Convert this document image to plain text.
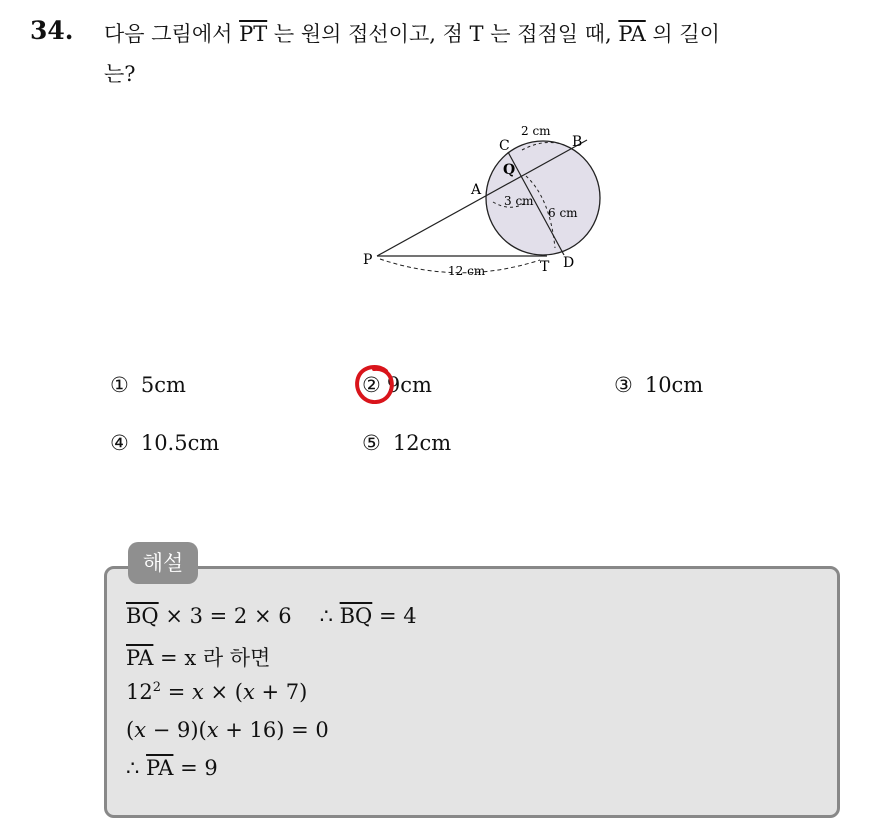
34. 다음 그림에서 $\overline{PT}$ 는 원의 접선이고, 점 T 는 접점일 때, $\overline{PA}$ 의 길이
는?
P
A
B
C
Q
D
T
2 cm
3 cm
6 cm
12 cm
① 5cm	② 9cm	③ 10cm
④ 10.5cm	⑤ 12cm
해설
$\overline{BQ} \times 3 = 2 \times 6$ ∴ $\overline{BQ} = 4$
$\overline{PA} = x$ 라 하면
$12^2 = x \times (x + 7)$
(x − 9)(x + 16) = 0
∴ $\overline{PA} = 9$
